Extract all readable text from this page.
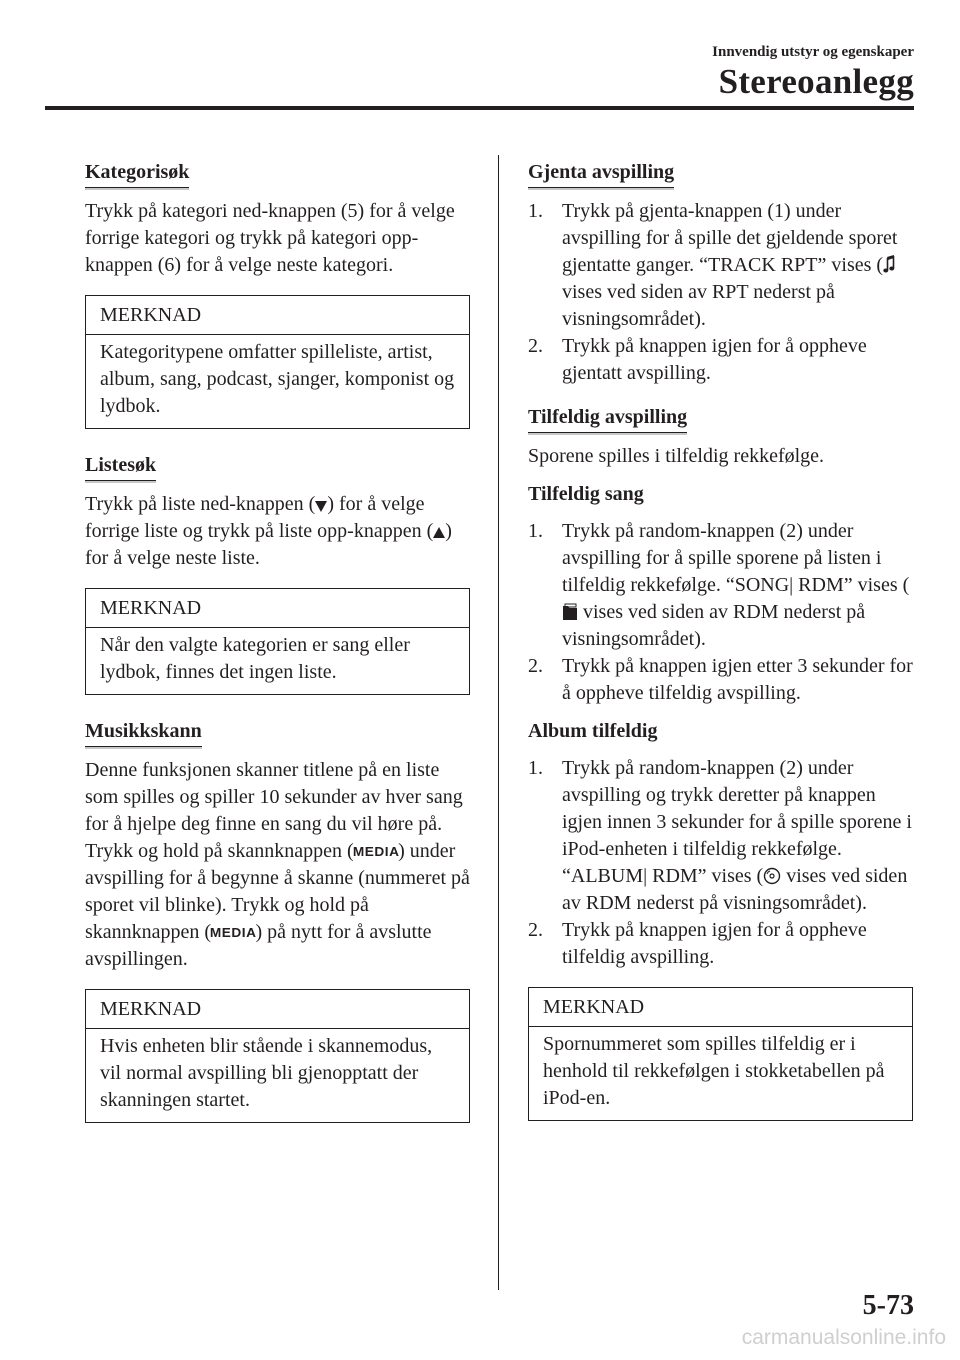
Innvendig utstyr og egenskaper
Stereoanlegg
Kategorisøk

Trykk på kategori ned-knappen (5) for å velge forrige kategori og trykk på kategori opp-knappen (6) for å velge neste kategori.

MERKNAD
Kategoritypene omfatter spilleliste, artist, album, sang, podcast, sjanger, komponist og lydbok.
Listesøk

Trykk på liste ned-knappen ( ) for å velge forrige liste og trykk på liste opp-knappen ( ) for å velge neste liste.

MERKNAD
Når den valgte kategorien er sang eller lydbok, finnes det ingen liste.
Musikkskann

Denne funksjonen skanner titlene på en liste som spilles og spiller 10 sekunder av hver sang for å hjelpe deg finne en sang du vil høre på.

Trykk og hold på skannknappen (MEDIA) under avspilling for å begynne å skanne (nummeret på sporet vil blinke). Trykk og hold på skannknappen (MEDIA) på nytt for å avslutte avspillingen.

MERKNAD
Hvis enheten blir stående i skannemodus, vil normal avspilling bli gjenopptatt der skanningen startet.
Gjenta avspilling
1. Trykk på gjenta-knappen (1) under avspilling for å spille det gjeldende sporet gjentatte ganger. “TRACK RPT” vises (vises ved siden av RPT nederst på visningsområdet).
2. Trykk på knappen igjen for å oppheve gjentatt avspilling.
Tilfeldig avspilling

Sporene spilles i tilfeldig rekkefølge.

Tilfeldig sang
1. Trykk på random-knappen (2) under avspilling for å spille sporene på listen i tilfeldig rekkefølge. “SONG| RDM” vises ( vises ved siden av RDM nederst på visningsområdet).
2. Trykk på knappen igjen etter 3 sekunder for å oppheve tilfeldig avspilling.
Album tilfeldig
1. Trykk på random-knappen (2) under avspilling og trykk deretter på knappen igjen innen 3 sekunder for å spille sporene i iPod-enheten i tilfeldig rekkefølge. “ALBUM| RDM” vises ( vises ved siden av RDM nederst på visningsområdet).
2. Trykk på knappen igjen for å oppheve tilfeldig avspilling.
MERKNAD
Spornummeret som spilles tilfeldig er i henhold til rekkefølgen i stokketabellen på iPod-en.
5-73
carmanualsonline.info
